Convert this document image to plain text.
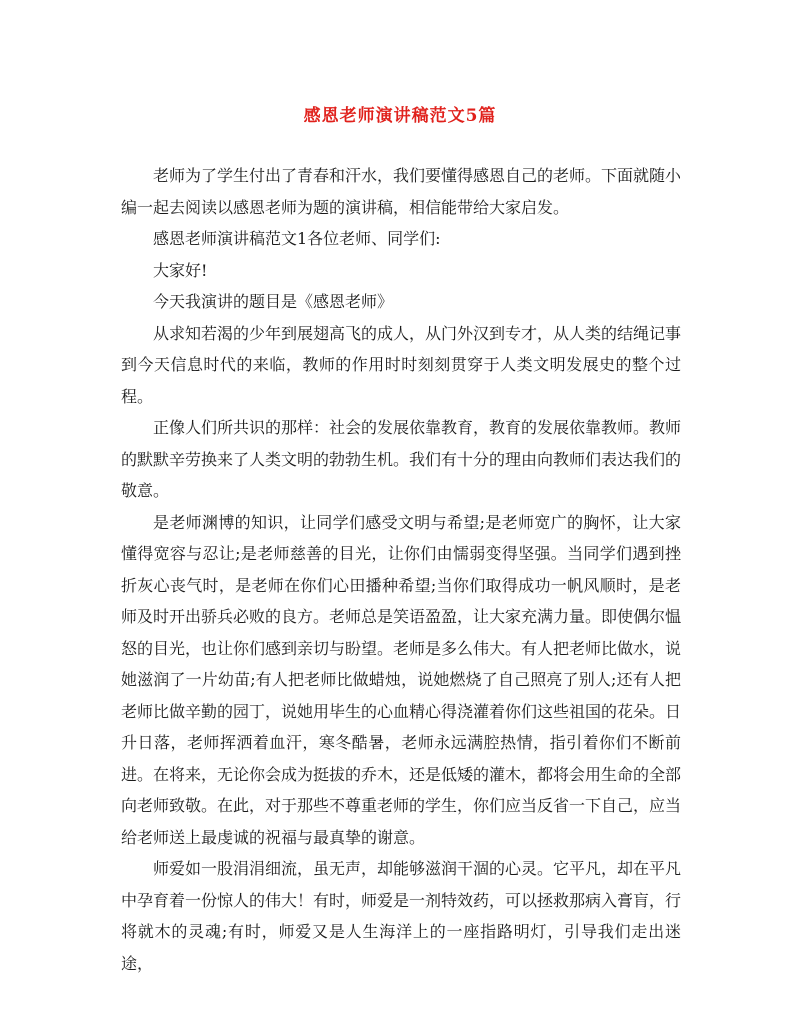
感恩老师演讲稿范文5篇

老师为了学生付出了青春和汗水，我们要懂得感恩自己的老师。下面就随小编一起去阅读以感恩老师为题的演讲稿，相信能带给大家启发。

感恩老师演讲稿范文1各位老师、同学们:

大家好!

今天我演讲的题目是《感恩老师》

从求知若渴的少年到展翅高飞的成人，从门外汉到专才，从人类的结绳记事到今天信息时代的来临，教师的作用时时刻刻贯穿于人类文明发展史的整个过程。

正像人们所共识的那样：社会的发展依靠教育，教育的发展依靠教师。教师的默默辛劳换来了人类文明的勃勃生机。我们有十分的理由向教师们表达我们的敬意。

是老师渊博的知识，让同学们感受文明与希望;是老师宽广的胸怀，让大家懂得宽容与忍让;是老师慈善的目光，让你们由懦弱变得坚强。当同学们遇到挫折灰心丧气时，是老师在你们心田播种希望;当你们取得成功一帆风顺时，是老师及时开出骄兵必败的良方。老师总是笑语盈盈，让大家充满力量。即使偶尔愠怒的目光，也让你们感到亲切与盼望。老师是多么伟大。有人把老师比做水，说她滋润了一片幼苗;有人把老师比做蜡烛，说她燃烧了自己照亮了别人;还有人把老师比做辛勤的园丁，说她用毕生的心血精心得浇灌着你们这些祖国的花朵。日升日落，老师挥洒着血汗，寒冬酷暑，老师永远满腔热情，指引着你们不断前进。在将来，无论你会成为挺拔的乔木，还是低矮的灌木，都将会用生命的全部向老师致敬。在此，对于那些不尊重老师的学生，你们应当反省一下自己，应当给老师送上最虔诚的祝福与最真挚的谢意。

师爱如一股涓涓细流，虽无声，却能够滋润干涸的心灵。它平凡，却在平凡中孕育着一份惊人的伟大！有时，师爱是一剂特效药，可以拯救那病入膏肓，行将就木的灵魂;有时，师爱又是人生海洋上的一座指路明灯，引导我们走出迷途，
